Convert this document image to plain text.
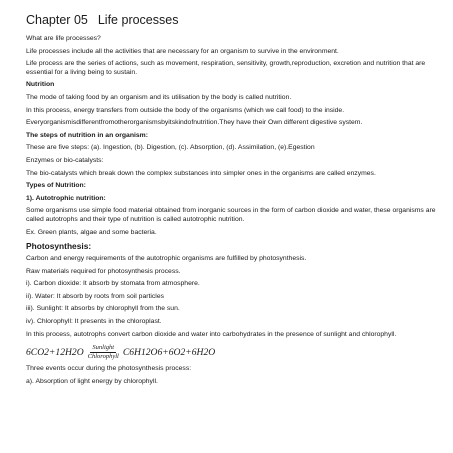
Chapter 05 Life processes

What are life processes?

Life processes include all the activities that are necessary for an organism to survive in the environment.

Life process are the series of actions, such as movement, respiration, sensitivity, growth,reproduction, excretion and nutrition that are essential for a living being to sustain.

Nutrition

The mode of taking food by an organism and its utilisation by the body is called nutrition.

In this process, energy transfers from outside the body of the organisms (which we call food) to the inside.

Everyorganismisdifferentfromotherorganismsbyitskindofnutrition.They have their Own different digestive system.

The steps of nutrition in an organism:

These are five steps: (a). Ingestion, (b). Digestion, (c). Absorption, (d). Assimilation, (e).Egestion

Enzymes or bio-catalysts:

The bio-catalysts which break down the complex substances into simpler ones in the organisms are called enzymes.

Types of Nutrition:

1). Autotrophic nutrition:

Some organisms use simple food material obtained from inorganic sources in the form of carbon dioxide and water, these organisms are called autotrophs and their type of nutrition is called autotrophic nutrition.

Ex. Green plants, algae and some bacteria.

Photosynthesis:

Carbon and energy requirements of the autotrophic organisms are fulfilled by photosynthesis.

Raw materials required for photosynthesis process.

i). Carbon dioxide: It absorb by stomata from atmosphere.

ii). Water: It absorb by roots from soil particles

iii). Sunlight: It absorbs by chlorophyll from the sun.

iv). Chlorophyll: It presents in the chloroplast.

In this process, autotrophs convert carbon dioxide and water into carbohydrates in the presence of sunlight and chlorophyll.

$6CO2+12H2O \frac{\text{Sunlight}}{\text{Chlorophyll}} C6H12O6+6O2+6H2O$

Three events occur during the photosynthesis process:

a). Absorption of light energy by chlorophyll.
